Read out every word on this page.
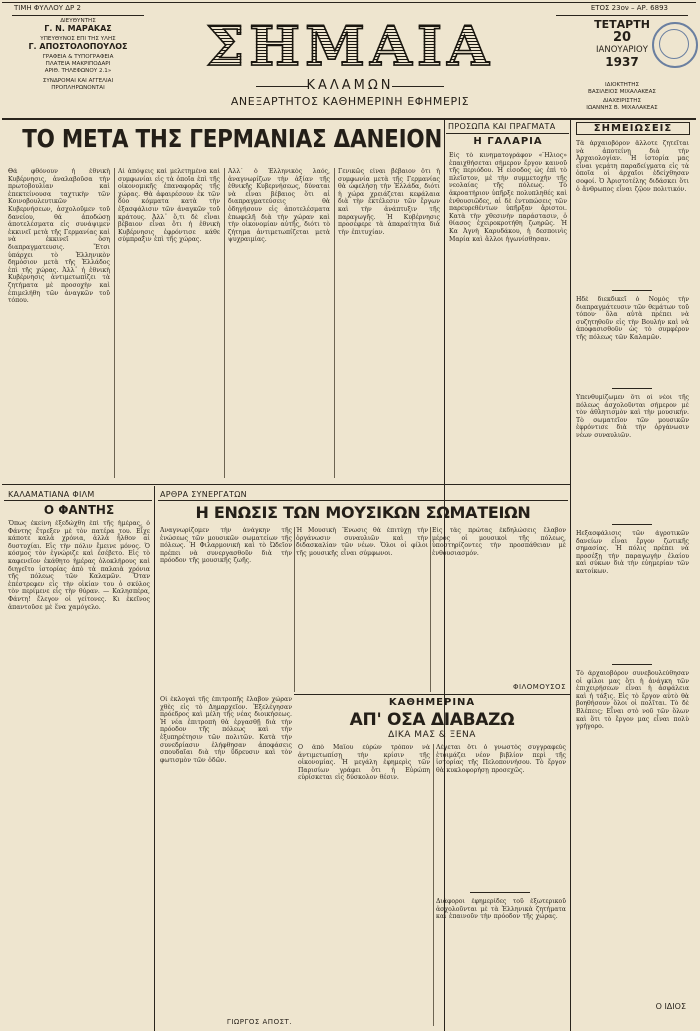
ΤΙΜΗ ΦΥΛΛΟΥ ΔΡ 2	ΕΤΟΣ 23ον – ΑΡ. 6893
ΔΙΕΥΘΥΝΤΗΣ
Γ. Ν. ΜΑΡΑΚΑΣ
ΥΠΕΥΘΥΝΟΣ ΕΠΙ ΤΗΣ ΥΛΗΣ
Γ. ΑΠΟΣΤΟΛΟΠΟΥΛΟΣ
ΓΡΑΦΕΙΑ & ΤΥΠΟΓΡΑΦΕΙΑ
ΠΛΑΤΕΙΑ ΜΑΚΡΙΠΟΔΑΡΙ
ΑΡΙΘ. ΤΗΛΕΦΩΝΟΥ 2.1»
ΣΥΝΔΡΟΜΑΙ ΚΑΙ ΑΓΓΕΛΙΑΙ
ΠΡΟΠΛΗΡΩΝΟΝΤΑΙ
ΣΗΜΑΙΑ
ΚΑΛΑΜΩΝ
ΑΝΕΞΑΡΤΗΤΟΣ ΚΑΘΗΜΕΡΙΝΗ ΕΦΗΜΕΡΙΣ
ΤΕΤΑΡΤΗ
20
ΙΑΝΟΥΑΡΙΟΥ
1937
ΙΔΙΟΚΤΗΤΗΣ
ΒΑΣΙΛΕΙΟΣ ΜΙΧΑΛΑΚΕΑΣ
ΔΙΑΧΕΙΡΙΣΤΗΣ
ΙΩΑΝΝΗΣ Β. ΜΙΧΑΛΑΚΕΑΣ
ΤΟ ΜΕΤΑ ΤΗΣ ΓΕΡΜΑΝΙΑΣ ΔΑΝΕΙΟΝ
Θά φθόνουν ἡ ἐθνικὴ Κυβέρνησις, ἀναλαβοῦσα τὴν πρωτοβουλίαν καὶ ἐπεκτείνουσα ταχτικὴν τῶν Κοινοβουλευτικῶν Κυβερνήσεων, ἀσχολοῦμεν τοῦ δανείου, θά ἀποδώσῃ ἀποτελέσματα εἰς συνάψιμεν ἐκκινεῖ μετὰ τῆς Γερμανίας καὶ νὰ ἐκκινεῖ ὅση διαπραγματευσις. Ἔτσι ὑπάρχει τὸ Ἑλληνικὸν δημόσιον μετὰ τῆς Ἐλλάδος ἐπὶ τῆς χώρας. Ἀλλ᾽ ἡ ἐθνικὴ Κυβέρνησις ἀντιμετωπίζει τὰ ζητήματα μὲ προσοχὴν καὶ ἐπιμελήθη τῶν ἀναγκῶν τοῦ τόπου.
Αἱ ἀπόψεις καὶ μελετημένα καὶ συμφωνίαι εἰς τὰ ὁποῖα ἐπὶ τῆς οἰκονομικῆς ἐπαναφορᾶς τῆς χώρας. Θὰ ἀφαιρέσουν ἐκ τῶν δύο κόμματα κατὰ τὴν ἐξασφάλισιν τῶν ἀναγκῶν τοῦ κράτους. Ἀλλ᾽ ὅ,τι δὲ εἶναι βέβαιον εἶναι ὅτι ἡ ἐθνικὴ Κυβέρνησις ἐφρόντισε κάθε σύμπραξιν ἐπὶ τῆς χώρας.
Ἀλλ᾽ ὁ Ἑλληνικὸς λαός, ἀναγνωρίζων τὴν ἀξίαν τῆς ἐθνικῆς Κυβερνήσεως, δύναται νὰ εἶναι βέβαιος ὅτι αἱ διαπραγματεύσεις θὰ ὁδηγήσουν εἰς ἀποτελέσματα ἐπωφελῆ διὰ τὴν χώραν καὶ τὴν οἰκονομίαν αὐτῆς, διότι τὸ ζήτημα ἀντιμετωπίζεται μετὰ ψυχραιμίας.
Γενικῶς εἶναι βέβαιον ὅτι ἡ συμφωνία μετὰ τῆς Γερμανίας θὰ ὠφελήσῃ τὴν Ἑλλάδα, διότι ἡ χώρα χρειάζεται κεφάλαια διὰ τὴν ἐκτέλεσιν τῶν ἔργων καὶ τὴν ἀνάπτυξιν τῆς παραγωγῆς. Ἡ Κυβέρνησις προσέφερε τὰ ἀπαραίτητα διὰ τὴν ἐπιτυχίαν.
ΠΡΟΣΩΠΑ ΚΑΙ ΠΡΑΓΜΑΤΑ
Η ΓΑΛΑΡΙΑ
Εἰς τὸ κινηματογράφον «Ἥλιος» ἐπαιχθήσεται σήμερον ἔργον καινοῦ τῆς περιόδου. Ἡ εἰσοδος ὡς ἐπὶ τὸ πλεῖστον, μὲ τὴν συμμετοχὴν τῆς νεολαίας τῆς πόλεως. Τὸ ἀκροατήριον ὑπῆρξε πολυπληθές καὶ ἐνθουσιῶδες, αἱ δὲ ἐντυπώσεις τῶν παρευρεθέντων ὑπῆρξαν ἄριστοι. Κατὰ τὴν χθεσινὴν παράστασιν, ὁ θίασος ἐχειροκροτήθη ζωηρῶς. Ἡ Κα Ἀγνὴ Καρυδάκου, ἡ δεσποινὶς Μαρία καὶ ἄλλοι ἠγωνίσθησαν.
ΣΗΜΕΙΩΣΕΙΣ
Τὰ ἀρχαιοβόρον ἄλλοτε ζητεῖται νὰ ἀποτείνῃ διὰ τὴν Ἀρχαιολογίαν. Ἡ ἱστορία μας εἶναι γεμάτη παραδείγματα εἰς τὰ ὁποῖα οἱ ἀρχαῖοι ἐδείχθησαν σοφοί. Ὁ Ἀριστοτέλης διδάσκει ὅτι ὁ ἄνθρωπος εἶναι ζῷον πολιτικόν.
Ηδὲ διεκδικεῖ ὁ Νομὸς τὴν διαπραγμάτευσιν τῶν θεμάτων τοῦ τόπου· ὅλα αὐτὰ πρέπει νὰ συζητηθοῦν εἰς τὴν Βουλήν καὶ νὰ ἀποφασισθοῦν ὡς τὸ συμφέρον τῆς πόλεως τῶν Καλαμῶν.
Υπενθυμίζωμεν ὅτι οἱ νέοι τῆς πόλεως ἀσχολοῦνται σήμερον μὲ τὸν ἀθλητισμὸν καὶ τὴν μουσικήν. Τὸ σωματεῖον τῶν μουσικῶν ἐφρόντισε διὰ τὴν ὀργάνωσιν νέων συναυλιῶν.
Ηεξασφάλισις τῶν ἀγροτικῶν δανείων εἶναι ἔργον ζωτικῆς σημασίας. Ἡ πόλις πρέπει νὰ προσέξῃ τὴν παραγωγὴν ἐλαίου καὶ σύκων διὰ τὴν εὐημερίαν τῶν κατοίκων.
Τὸ ἀρχαιοβόρον συνεβουλεύθησαν οἱ φίλοι μας ὅτι ἡ ἀνάγκη τῶν ἐπιχειρήσεων εἶναι ἡ ἀσφάλεια καὶ ἡ τάξις. Εἰς τὸ ἔργον αὐτὸ θὰ βοηθήσουν ὅλοι οἱ πολῖται. Τὸ δὲ Βλέπεις; Εἶναι στὸ νοῦ τῶν ὅλων καὶ ὅτι τὸ ἔργον μας εἶναι πολὺ γρήγορο.
Ο ΙΔΙΟΣ
ΚΑΛΑΜΑΤΙΑΝΑ ΦΙΛΜ
Ο ΦΑΝΤΗΣ
Ὅπως ἐκείνη ἐξεδώχθη ἐπὶ τῆς ἡμέρας, ὁ Φάντης ἔτρεξεν μὲ τὸν πατέρα του. Εἶχε κάποτε καλὰ χρόνια, ἀλλὰ ἦλθον αἱ δυστυχίαι. Εἰς τὴν πόλιν ἔμεινε μόνος. Ὁ κόσμος τὸν ἐγνώριζε καὶ ἐσέβετο. Εἰς τὸ καφενεῖον ἐκάθητο ἡμέρας ὁλοκλήρους καὶ διηγεῖτο ἱστορίας ἀπὸ τὰ παλαιὰ χρόνια τῆς πόλεως τῶν Καλαμῶν. Ὅταν ἐπέστρεφεν εἰς τὴν οἰκίαν του ὁ σκύλος τὸν περίμενε εἰς τὴν θύραν. — Καλησπέρα, Φάντη! ἔλεγον οἱ γείτονες. Κι ἐκεῖνος ἀπαντοῦσε μὲ ἕνα χαμόγελο.
ΑΡΘΡΑ ΣΥΝΕΡΓΑΤΩΝ
Η ΕΝΩΣΙΣ ΤΩΝ ΜΟΥΣΙΚΩΝ ΣΩΜΑΤΕΙΩΝ
Ἀναγνωρίζομεν τὴν ἀνάγκην τῆς ἑνώσεως τῶν μουσικῶν σωματείων τῆς πόλεως. Ἡ Φιλαρμονικὴ καὶ τὸ Ὠδεῖον πρέπει νὰ συνεργασθοῦν διὰ τὴν πρόοδον τῆς μουσικῆς ζωῆς.
Ἡ Μουσικὴ Ἕνωσις θὰ ἐπιτύχῃ τὴν ὀργάνωσιν συναυλιῶν καὶ τὴν διδασκαλίαν τῶν νέων. Ὅλοι οἱ φίλοι τῆς μουσικῆς εἶναι σύμφωνοι.
Εἰς τὰς πρώτας ἐκδηλώσεις ἔλαβον μέρος οἱ μουσικοὶ τῆς πόλεως, ὑποστηρίζοντες τὴν προσπάθειαν μὲ ἐνθουσιασμόν.
ΦΙΛΟΜΟΥΣΟΣ
ΚΑΘΗΜΕΡΙΝΑ
ΑΠ' ΟΣΑ ΔΙΑΒΑΖΩ
ΔΙΚΑ ΜΑΣ & ΞΕΝΑ
Οἱ ἐκλογαὶ τῆς ἐπιτροπῆς ἔλαβον χώραν χθὲς εἰς τὸ Δημαρχεῖον. Ἐξελέγησαν πρόεδρος καὶ μέλη τῆς νέας διοικήσεως. Ἡ νέα ἐπιτροπὴ θὰ ἐργασθῇ διὰ τὴν πρόοδον τῆς πόλεως καὶ τὴν ἐξυπηρέτησιν τῶν πολιτῶν. Κατὰ τὴν συνεδρίασιν ἐλήφθησαν ἀποφάσεις σπουδαῖαι διὰ τὴν ὕδρευσιν καὶ τὸν φωτισμὸν τῶν ὁδῶν.
ΓΙΩΡΓΟΣ ΑΠΟΣΤ.
Ο ἀπὸ Μαΐου εὐρὼν τρόπον νὰ ἀντιμετωπίσῃ τὴν κρίσιν τῆς οἰκονομίας. Ἡ μεγάλη ἐφημερὶς τῶν Παρισίων γράφει ὅτι ἡ Εὐρώπη εὑρίσκεται εἰς δύσκολον θέσιν.
Λέγεται ὅτι ὁ γνωστὸς συγγραφεὺς ἐτοιμάζει νέον βιβλίον περὶ τῆς ἱστορίας τῆς Πελοποννήσου. Τὸ ἔργον θὰ κυκλοφορήσῃ προσεχῶς.
Διάφοροι ἐφημερίδες τοῦ ἐξωτερικοῦ ἀσχολοῦνται μὲ τὰ Ἑλληνικὰ ζητήματα καὶ ἐπαινοῦν τὴν πρόοδον τῆς χώρας.
